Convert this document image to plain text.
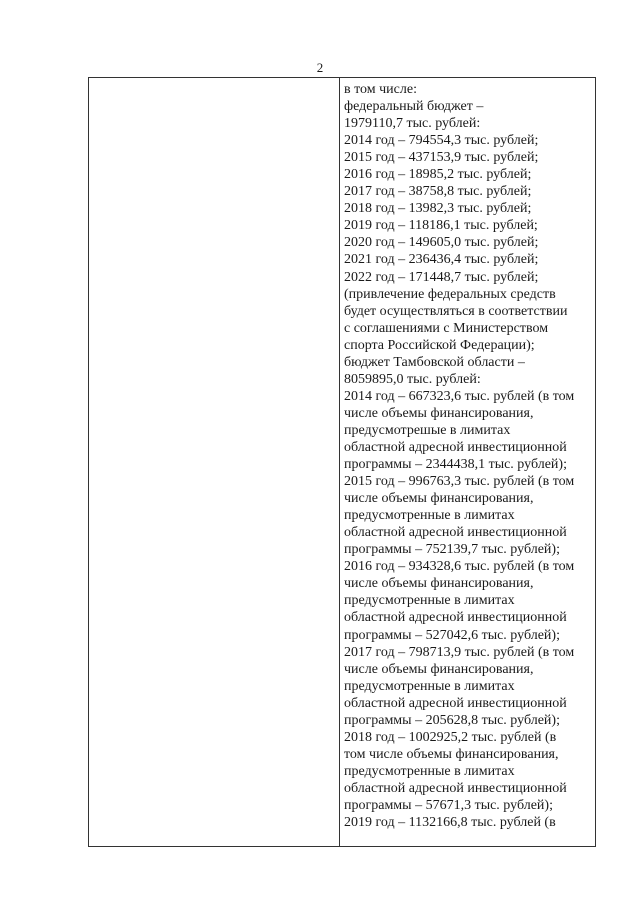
2
в том числе:
федеральный бюджет –
1979110,7 тыс. рублей:
2014 год – 794554,3 тыс. рублей;
2015 год – 437153,9 тыс. рублей;
2016 год – 18985,2 тыс. рублей;
2017 год – 38758,8 тыс. рублей;
2018 год – 13982,3 тыс. рублей;
2019 год – 118186,1 тыс. рублей;
2020 год – 149605,0 тыс. рублей;
2021 год – 236436,4 тыс. рублей;
2022 год – 171448,7 тыс. рублей;
(привлечение федеральных средств
будет осуществляться в соответствии
с соглашениями с Министерством
спорта Российской Федерации);
бюджет Тамбовской области –
8059895,0 тыс. рублей:
2014 год – 667323,6 тыс. рублей (в том
числе объемы финансирования,
предусмотрешые в лимитах
областной адресной инвестиционной
программы – 2344438,1 тыс. рублей);
2015 год – 996763,3 тыс. рублей (в том
числе объемы финансирования,
предусмотренные в лимитах
областной адресной инвестиционной
программы – 752139,7 тыс. рублей);
2016 год – 934328,6 тыс. рублей (в том
числе объемы финансирования,
предусмотренные в лимитах
областной адресной инвестиционной
программы – 527042,6 тыс. рублей);
2017 год – 798713,9 тыс. рублей (в том
числе объемы финансирования,
предусмотренные в лимитах
областной адресной инвестиционной
программы – 205628,8 тыс. рублей);
2018 год – 1002925,2 тыс. рублей (в
том числе объемы финансирования,
предусмотренные в лимитах
областной адресной инвестиционной
программы – 57671,3 тыс. рублей);
2019 год – 1132166,8 тыс. рублей (в
